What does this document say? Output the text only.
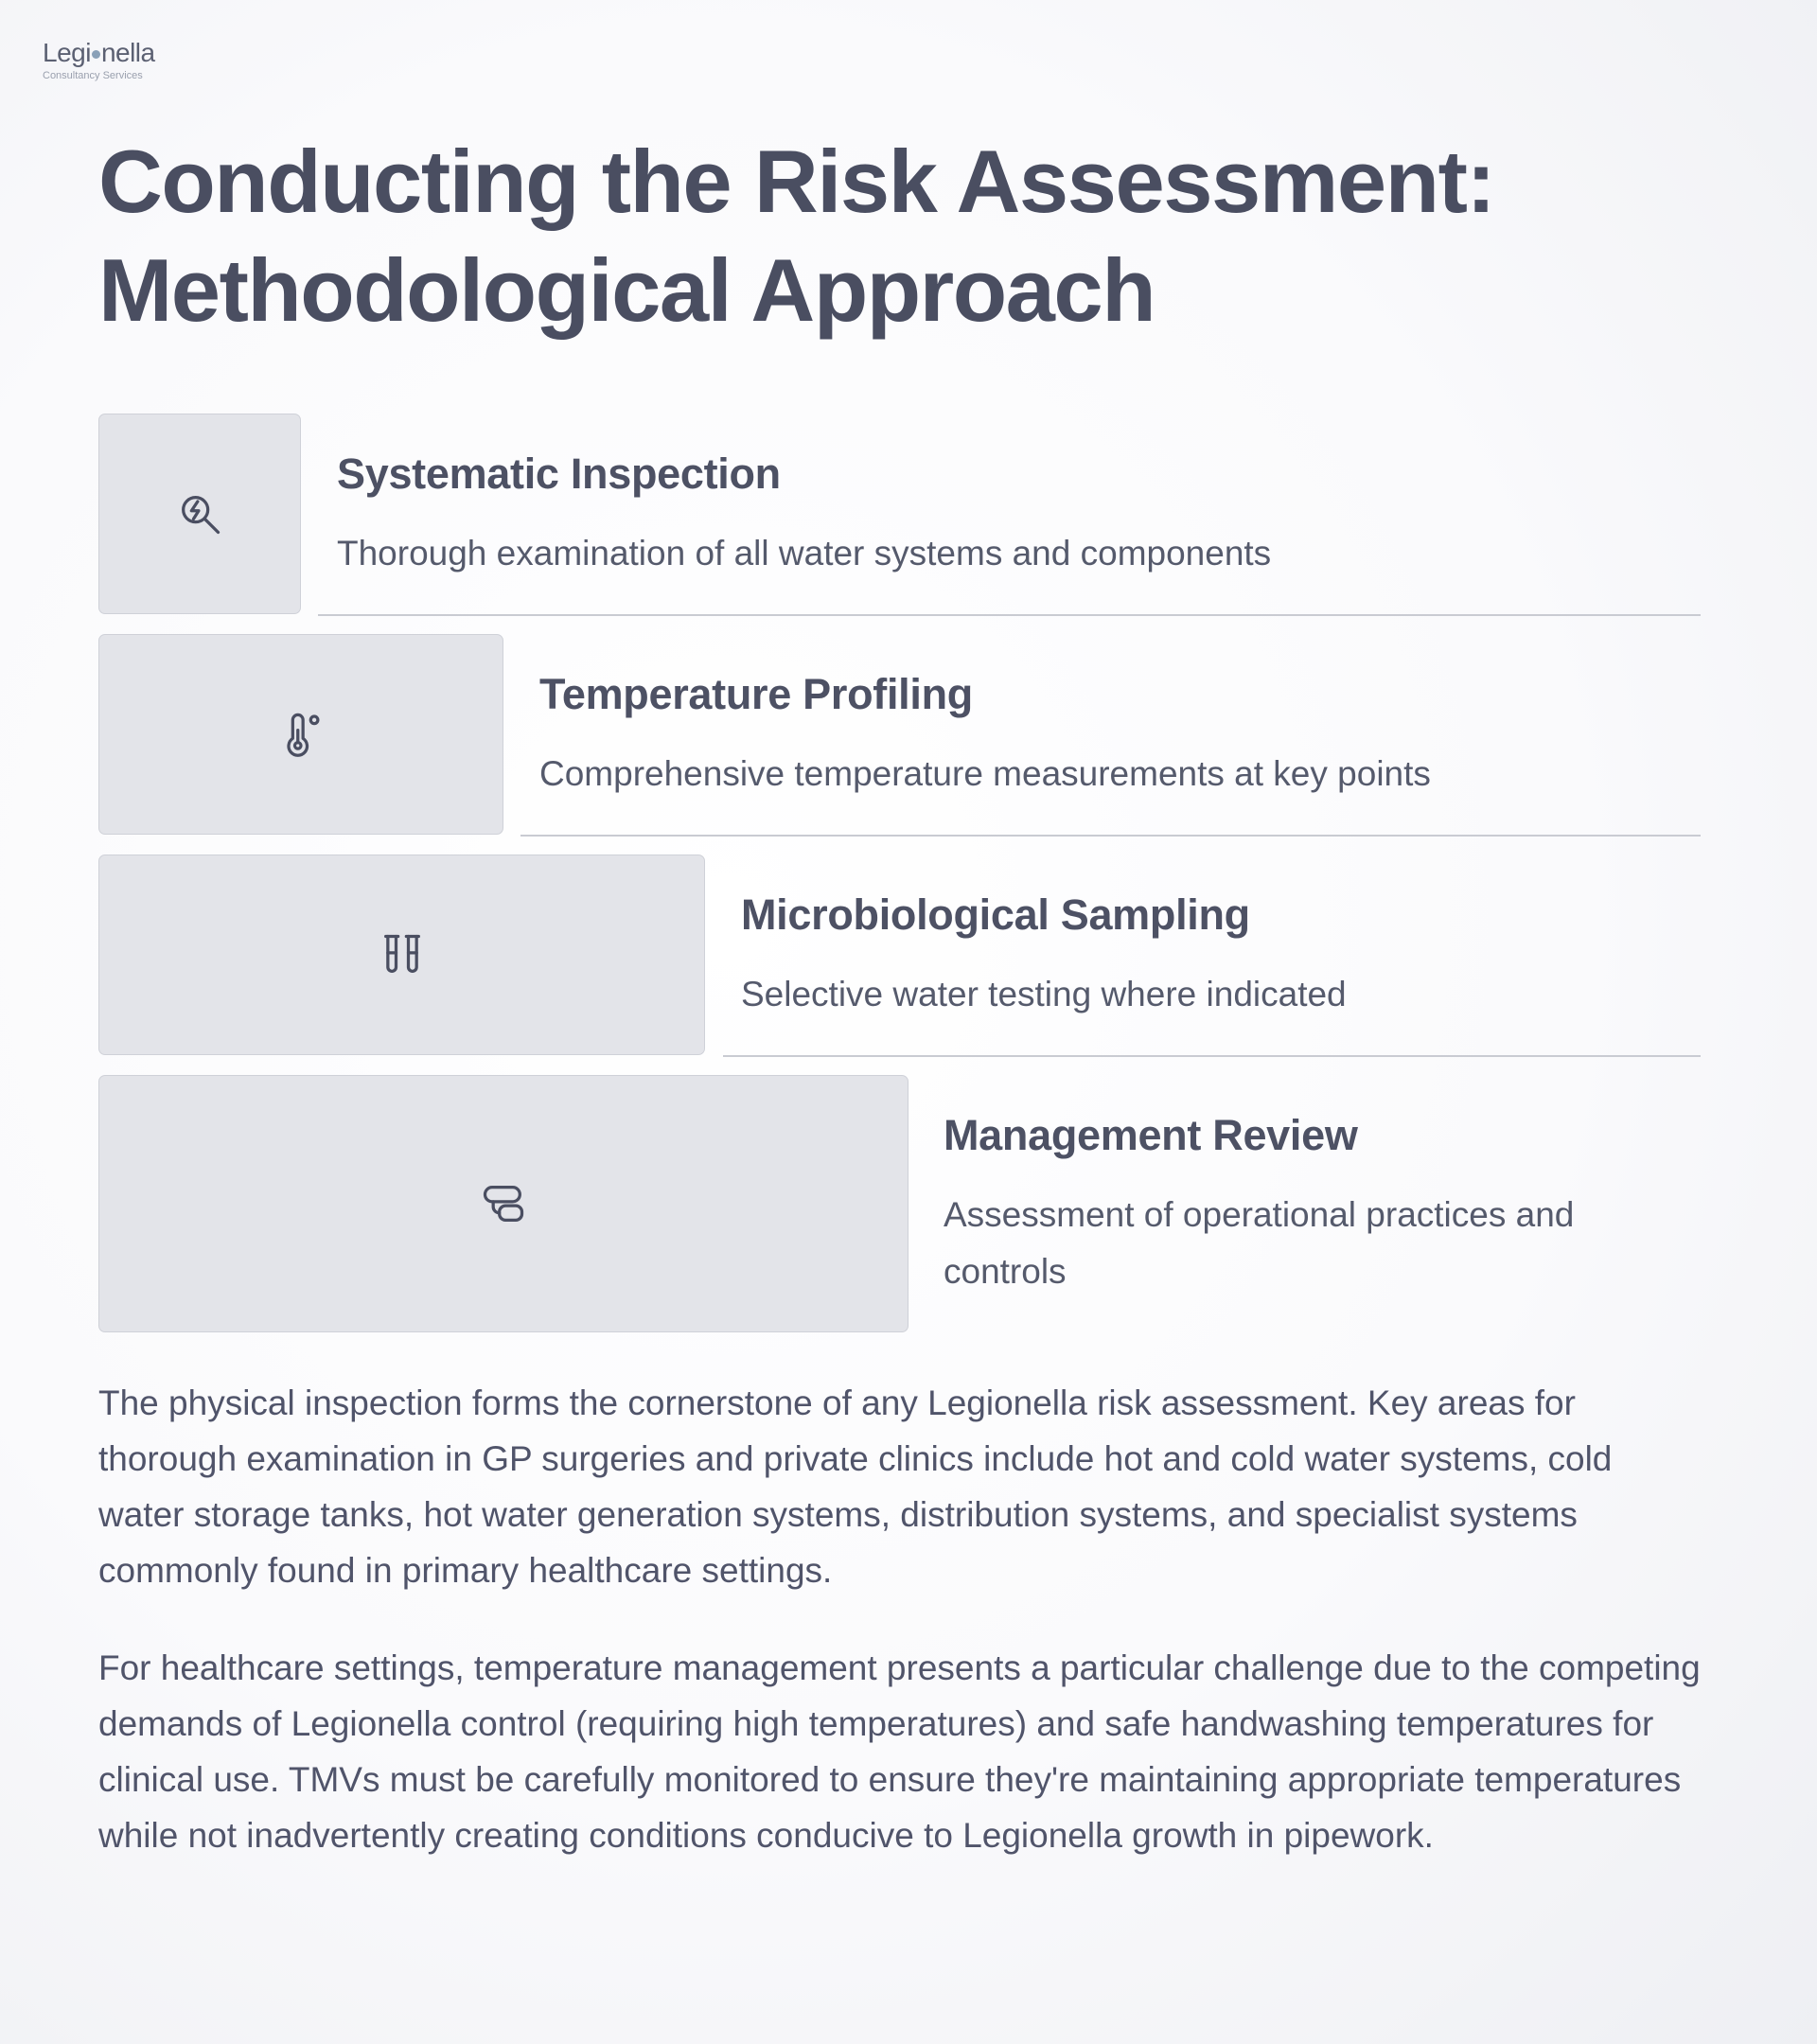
Legi nella
Consultancy Services
Conducting the Risk Assessment:
Methodological Approach
Systematic Inspection

Thorough examination of all water systems and components

Temperature Profiling

Comprehensive temperature measurements at key points

Microbiological Sampling

Selective water testing where indicated

Management Review

Assessment of operational practices and controls

The physical inspection forms the cornerstone of any Legionella risk assessment. Key areas for thorough examination in GP surgeries and private clinics include hot and cold water systems, cold water storage tanks, hot water generation systems, distribution systems, and specialist systems commonly found in primary healthcare settings.

For healthcare settings, temperature management presents a particular challenge due to the competing demands of Legionella control (requiring high temperatures) and safe handwashing temperatures for clinical use. TMVs must be carefully monitored to ensure they're maintaining appropriate temperatures while not inadvertently creating conditions conducive to Legionella growth in pipework.
